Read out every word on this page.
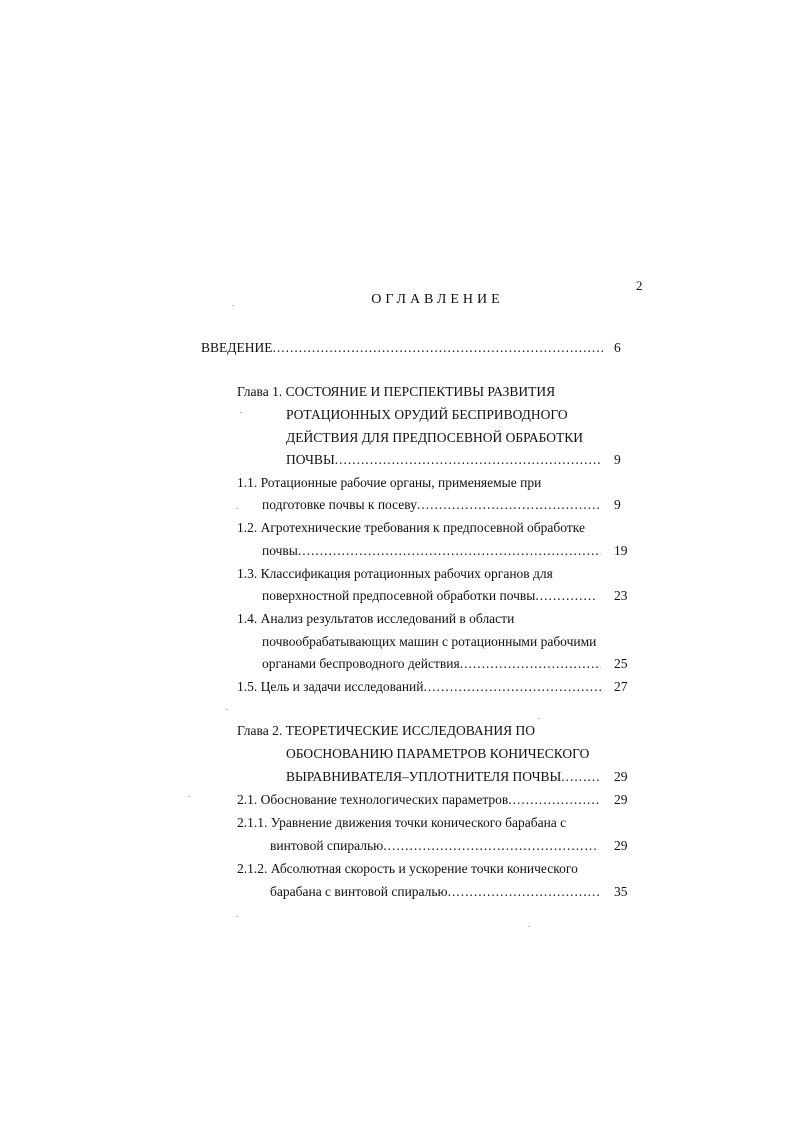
2
ОГЛАВЛЕНИЕ
ВВЕДЕНИЕ .....	6
Глава 1. СОСТОЯНИЕ И ПЕРСПЕКТИВЫ РАЗВИТИЯ
РОТАЦИОННЫХ ОРУДИЙ БЕСПРИВОДНОГО
ДЕЙСТВИЯ ДЛЯ ПРЕДПОСЕВНОЙ ОБРАБОТКИ
ПОЧВЫ .....	9
1.1. Ротационные рабочие органы, применяемые при
подготовке почвы к посеву .....	9
1.2. Агротехнические требования к предпосевной обработке
почвы .....	19
1.3. Классификация ротационных рабочих органов для
поверхностной предпосевной обработки почвы .....	23
1.4. Анализ результатов исследований в области
почвообрабатывающих машин с ротационными рабочими
органами беспроводного действия .....	25
1.5. Цель и задачи исследований .....	27
Глава 2. ТЕОРЕТИЧЕСКИЕ ИССЛЕДОВАНИЯ ПО
ОБОСНОВАНИЮ ПАРАМЕТРОВ КОНИЧЕСКОГО
ВЫРАВНИВАТЕЛЯ–УПЛОТНИТЕЛЯ ПОЧВЫ .....	29
2.1. Обоснование технологических параметров .....	29
2.1.1. Уравнение движения точки конического барабана с
винтовой спиралью .....	29
2.1.2. Абсолютная скорость и ускорение точки конического
барабана с винтовой спиралью .....	35
